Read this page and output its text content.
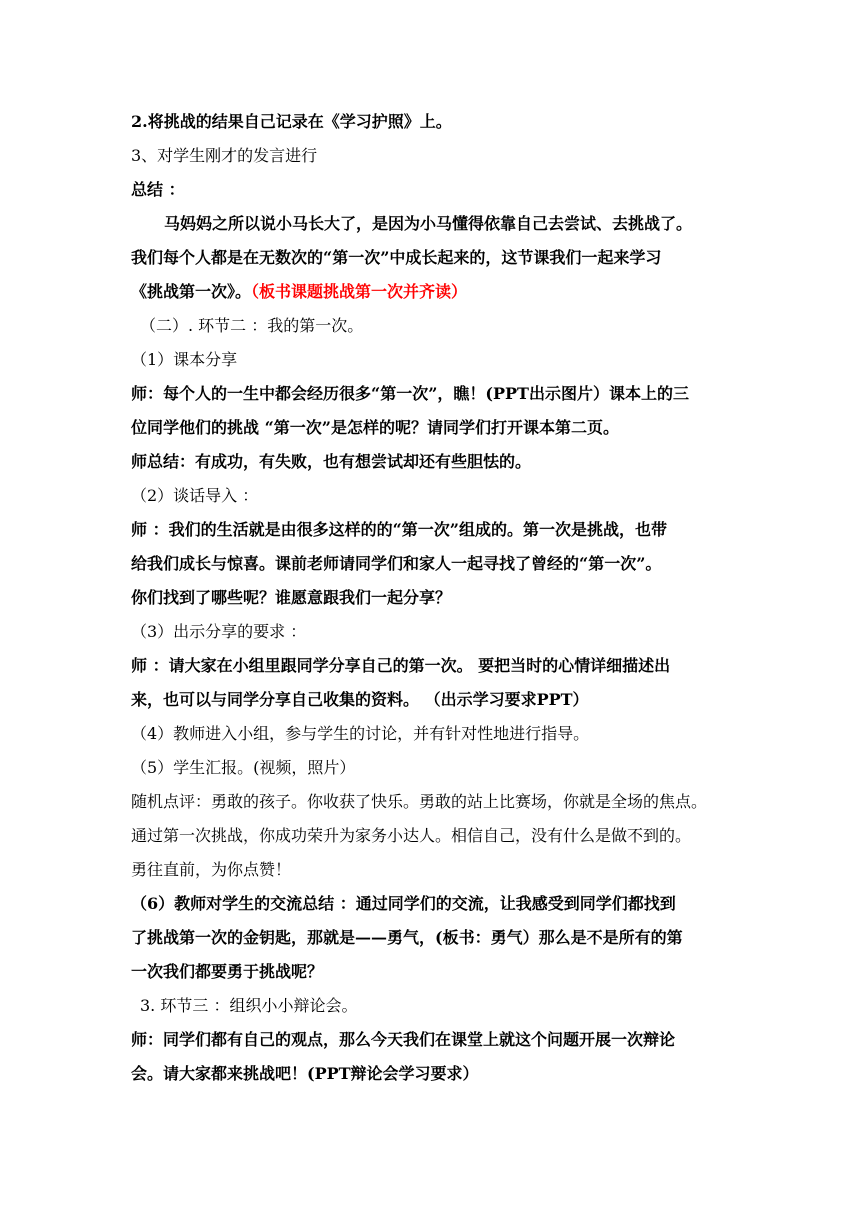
2.将挑战的结果自己记录在《学习护照》上。
3、对学生刚才的发言进行
总结 ：
马妈妈之所以说小马长大了，是因为小马懂得依靠自己去尝试、去挑战了。
我们每个人都是在无数次的“第一次”中成长起来的，这节课我们一起来学习
《挑战第一次》。（板书课题挑战第一次并齐读）
（二）. 环节二 ：我的第一次。
（1）课本分享
师：每个人的一生中都会经历很多“第一次”，瞧！(PPT出示图片）课本上的三
位同学他们的挑战 “第一次”是怎样的呢？请同学们打开课本第二页。
师总结：有成功，有失败，也有想尝试却还有些胆怯的。
（2）谈话导入 ：
师 ：我们的生活就是由很多这样的的“第一次”组成的。第一次是挑战，也带
给我们成长与惊喜。课前老师请同学们和家人一起寻找了曾经的“第一次”。
你们找到了哪些呢？谁愿意跟我们一起分享？
（3）出示分享的要求 ：
师 ：请大家在小组里跟同学分享自己的第一次。 要把当时的心情详细描述出
来，也可以与同学分享自己收集的资料。 （出示学习要求PPT）
（4）教师进入小组，参与学生的讨论，并有针对性地进行指导。
（5）学生汇报。(视频，照片）
随机点评：勇敢的孩子。你收获了快乐。勇敢的站上比赛场，你就是全场的焦点。
通过第一次挑战，你成功荣升为家务小达人。相信自己，没有什么是做不到的。
勇往直前，为你点赞！
（6）教师对学生的交流总结 ：通过同学们的交流，让我感受到同学们都找到
了挑战第一次的金钥匙，那就是——勇气，(板书：勇气）那么是不是所有的第
一次我们都要勇于挑战呢？
3. 环节三 ：组织小小辩论会。
师：同学们都有自己的观点，那么今天我们在课堂上就这个问题开展一次辩论
会。请大家都来挑战吧！(PPT辩论会学习要求）
